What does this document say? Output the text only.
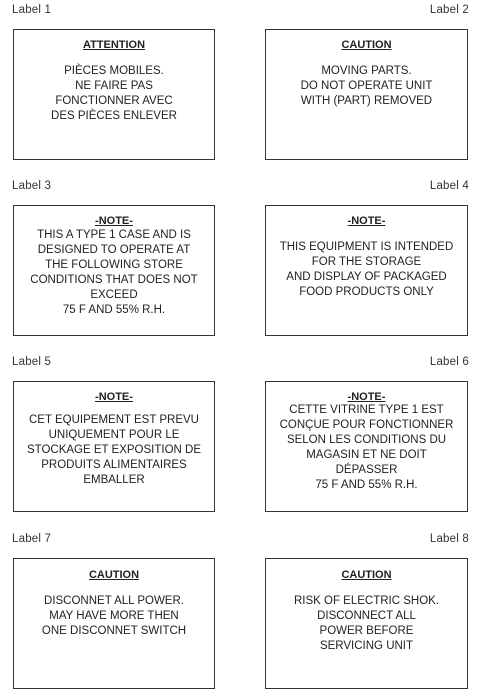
Label 1	Label 2
ATTENTION
PIÈCES MOBILES.
NE FAIRE PAS
FONCTIONNER AVEC
DES PIÈCES ENLEVER
CAUTION
MOVING PARTS.
DO NOT OPERATE UNIT
WITH (PART) REMOVED
Label 3	Label 4
-NOTE-
THIS A TYPE 1 CASE AND IS
DESIGNED TO OPERATE AT
THE FOLLOWING STORE
CONDITIONS THAT DOES NOT
EXCEED
75 F AND 55% R.H.
-NOTE-
THIS EQUIPMENT IS INTENDED
FOR THE STORAGE
AND DISPLAY OF PACKAGED
FOOD PRODUCTS ONLY
Label 5	Label 6
-NOTE-
CET EQUIPEMENT EST PREVU
UNIQUEMENT POUR LE
STOCKAGE ET EXPOSITION DE
PRODUITS ALIMENTAIRES
EMBALLER
-NOTE-
CETTE VITRINE TYPE 1 EST
CONÇUE POUR FONCTIONNER
SELON LES CONDITIONS DU
MAGASIN ET NE DOIT
DÉPASSER
75 F AND 55% R.H.
Label 7	Label 8
CAUTION
DISCONNET ALL POWER.
MAY HAVE MORE THEN
ONE DISCONNET SWITCH
CAUTION
RISK OF ELECTRIC SHOK.
DISCONNECT ALL
POWER BEFORE
SERVICING UNIT
